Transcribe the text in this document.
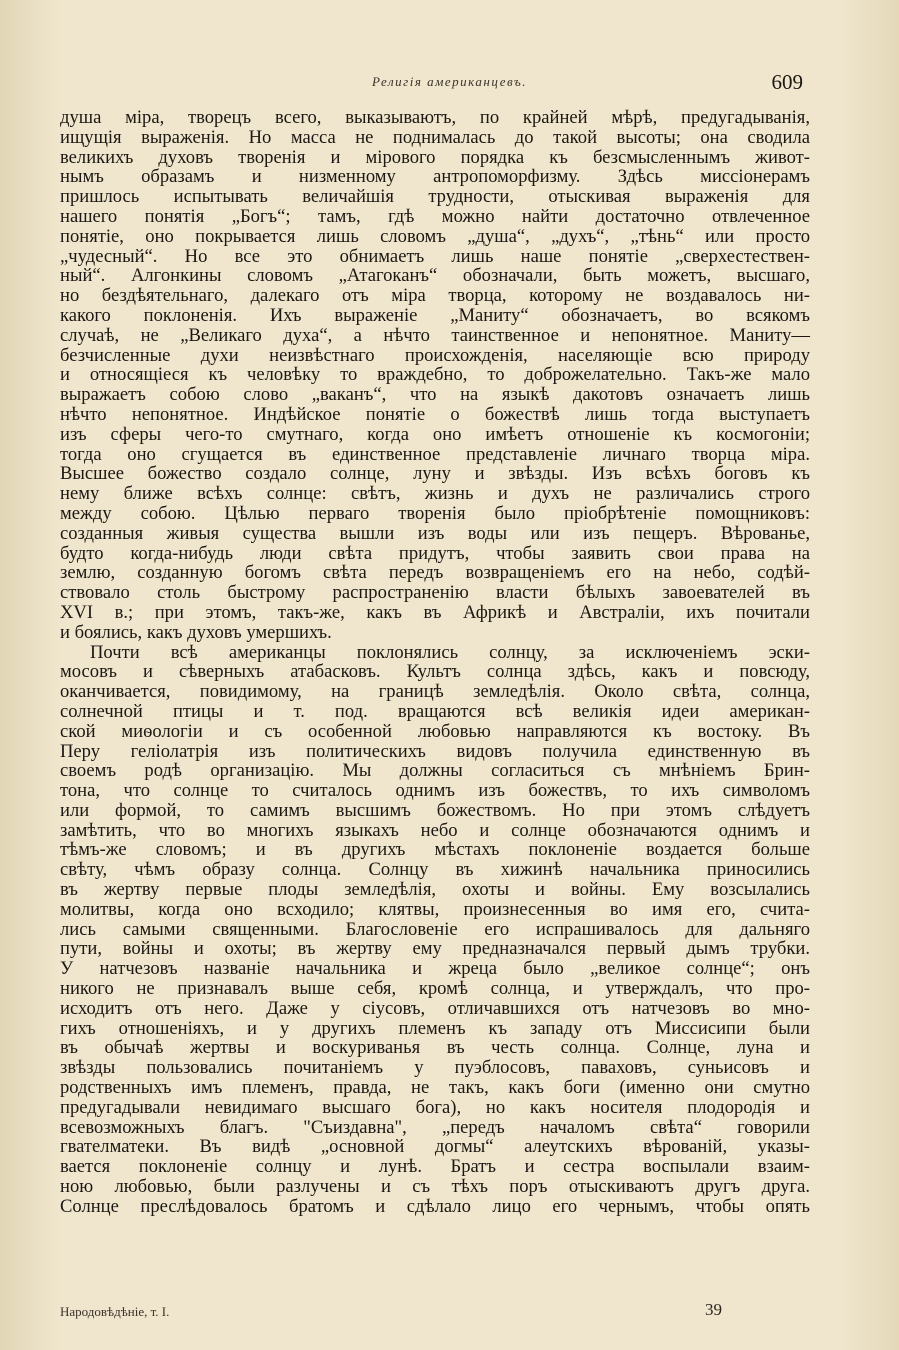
Религія американцевъ.	609
душа міра, творецъ всего, выказываютъ, по крайней мѣрѣ, предугадыванія,
ищущія выраженія. Но масса не поднималась до такой высоты; она сводила
великихъ духовъ творенія и мірового порядка къ безсмысленнымъ живот-
нымъ образамъ и низменному антропоморфизму. Здѣсь миссіонерамъ
пришлось испытывать величайшія трудности, отыскивая выраженія для
нашего понятія „Богъ“; тамъ, гдѣ можно найти достаточно отвлеченное
понятіе, оно покрывается лишь словомъ „душа“, „духъ“, „тѣнь“ или просто
„чудесный“. Но все это обнимаетъ лишь наше понятіе „сверхестествен-
ный“. Алгонкины словомъ „Атагоканъ“ обозначали, быть можетъ, высшаго,
но бездѣятельнаго, далекаго отъ міра творца, которому не воздавалось ни-
какого поклоненія. Ихъ выраженіе „Маниту“ обозначаетъ, во всякомъ
случаѣ, не „Великаго духа“, а нѣчто таинственное и непонятное. Маниту—
безчисленные духи неизвѣстнаго происхожденія, населяющіе всю природу
и относящіеся къ человѣку то враждебно, то доброжелательно. Такъ-же мало
выражаетъ собою слово „ваканъ“, что на языкѣ дакотовъ означаетъ лишь
нѣчто непонятное. Индѣйское понятіе о божествѣ лишь тогда выступаетъ
изъ сферы чего-то смутнаго, когда оно имѣетъ отношеніе къ космогоніи;
тогда оно сгущается въ единственное представленіе личнаго творца міра.
Высшее божество создало солнце, луну и звѣзды. Изъ всѣхъ боговъ къ
нему ближе всѣхъ солнце: свѣтъ, жизнь и духъ не различались строго
между собою. Цѣлью перваго творенія было пріобрѣтеніе помощниковъ:
созданныя живыя существа вышли изъ воды или изъ пещеръ. Вѣрованье,
будто когда-нибудь люди свѣта придутъ, чтобы заявить свои права на
землю, созданную богомъ свѣта передъ возвращеніемъ его на небо, содѣй-
ствовало столь быстрому распространенію власти бѣлыхъ завоевателей въ
XVI в.; при этомъ, такъ-же, какъ въ Африкѣ и Австраліи, ихъ почитали
и боялись, какъ духовъ умершихъ.
Почти всѣ американцы поклонялись солнцу, за исключеніемъ эски-
мосовъ и сѣверныхъ атабасковъ. Культъ солнца здѣсь, какъ и повсюду,
оканчивается, повидимому, на границѣ земледѣлія. Около свѣта, солнца,
солнечной птицы и т. под. вращаются всѣ великія идеи американ-
ской миѳологіи и съ особенной любовью направляются къ востоку. Въ
Перу геліолатрія изъ политическихъ видовъ получила единственную въ
своемъ родѣ организацію. Мы должны согласиться съ мнѣніемъ Брин-
тона, что солнце то считалось однимъ изъ божествъ, то ихъ символомъ
или формой, то самимъ высшимъ божествомъ. Но при этомъ слѣдуетъ
замѣтить, что во многихъ языкахъ небо и солнце обозначаются однимъ и
тѣмъ-же словомъ; и въ другихъ мѣстахъ поклоненіе воздается больше
свѣту, чѣмъ образу солнца. Солнцу въ хижинѣ начальника приносились
въ жертву первые плоды земледѣлія, охоты и войны. Ему возсылались
молитвы, когда оно всходило; клятвы, произнесенныя во имя его, счита-
лись самыми священными. Благословеніе его испрашивалось для дальняго
пути, войны и охоты; въ жертву ему предназначался первый дымъ трубки.
У натчезовъ названіе начальника и жреца было „великое солнце“; онъ
никого не признавалъ выше себя, кромѣ солнца, и утверждалъ, что про-
исходитъ отъ него. Даже у сіусовъ, отличавшихся отъ натчезовъ во мно-
гихъ отношеніяхъ, и у другихъ племенъ къ западу отъ Миссисипи были
въ обычаѣ жертвы и воскуриванья въ честь солнца. Солнце, луна и
звѣзды пользовались почитаніемъ у пуэблосовъ, паваховъ, суньисовъ и
родственныхъ имъ племенъ, правда, не такъ, какъ боги (именно они смутно
предугадывали невидимаго высшаго бога), но какъ носителя плодородія и
всевозможныхъ благъ. "Съиздавна", „передъ началомъ свѣта“ говорили
гвателматеки. Въ видѣ „основной догмы“ алеутскихъ вѣрованій, указы-
вается поклоненіе солнцу и лунѣ. Братъ и сестра воспылали взаим-
ною любовью, были разлучены и съ тѣхъ поръ отыскиваютъ другъ друга.
Солнце преслѣдовалось братомъ и сдѣлало лицо его чернымъ, чтобы опять
Народовѣдѣніе, т. I.	39
